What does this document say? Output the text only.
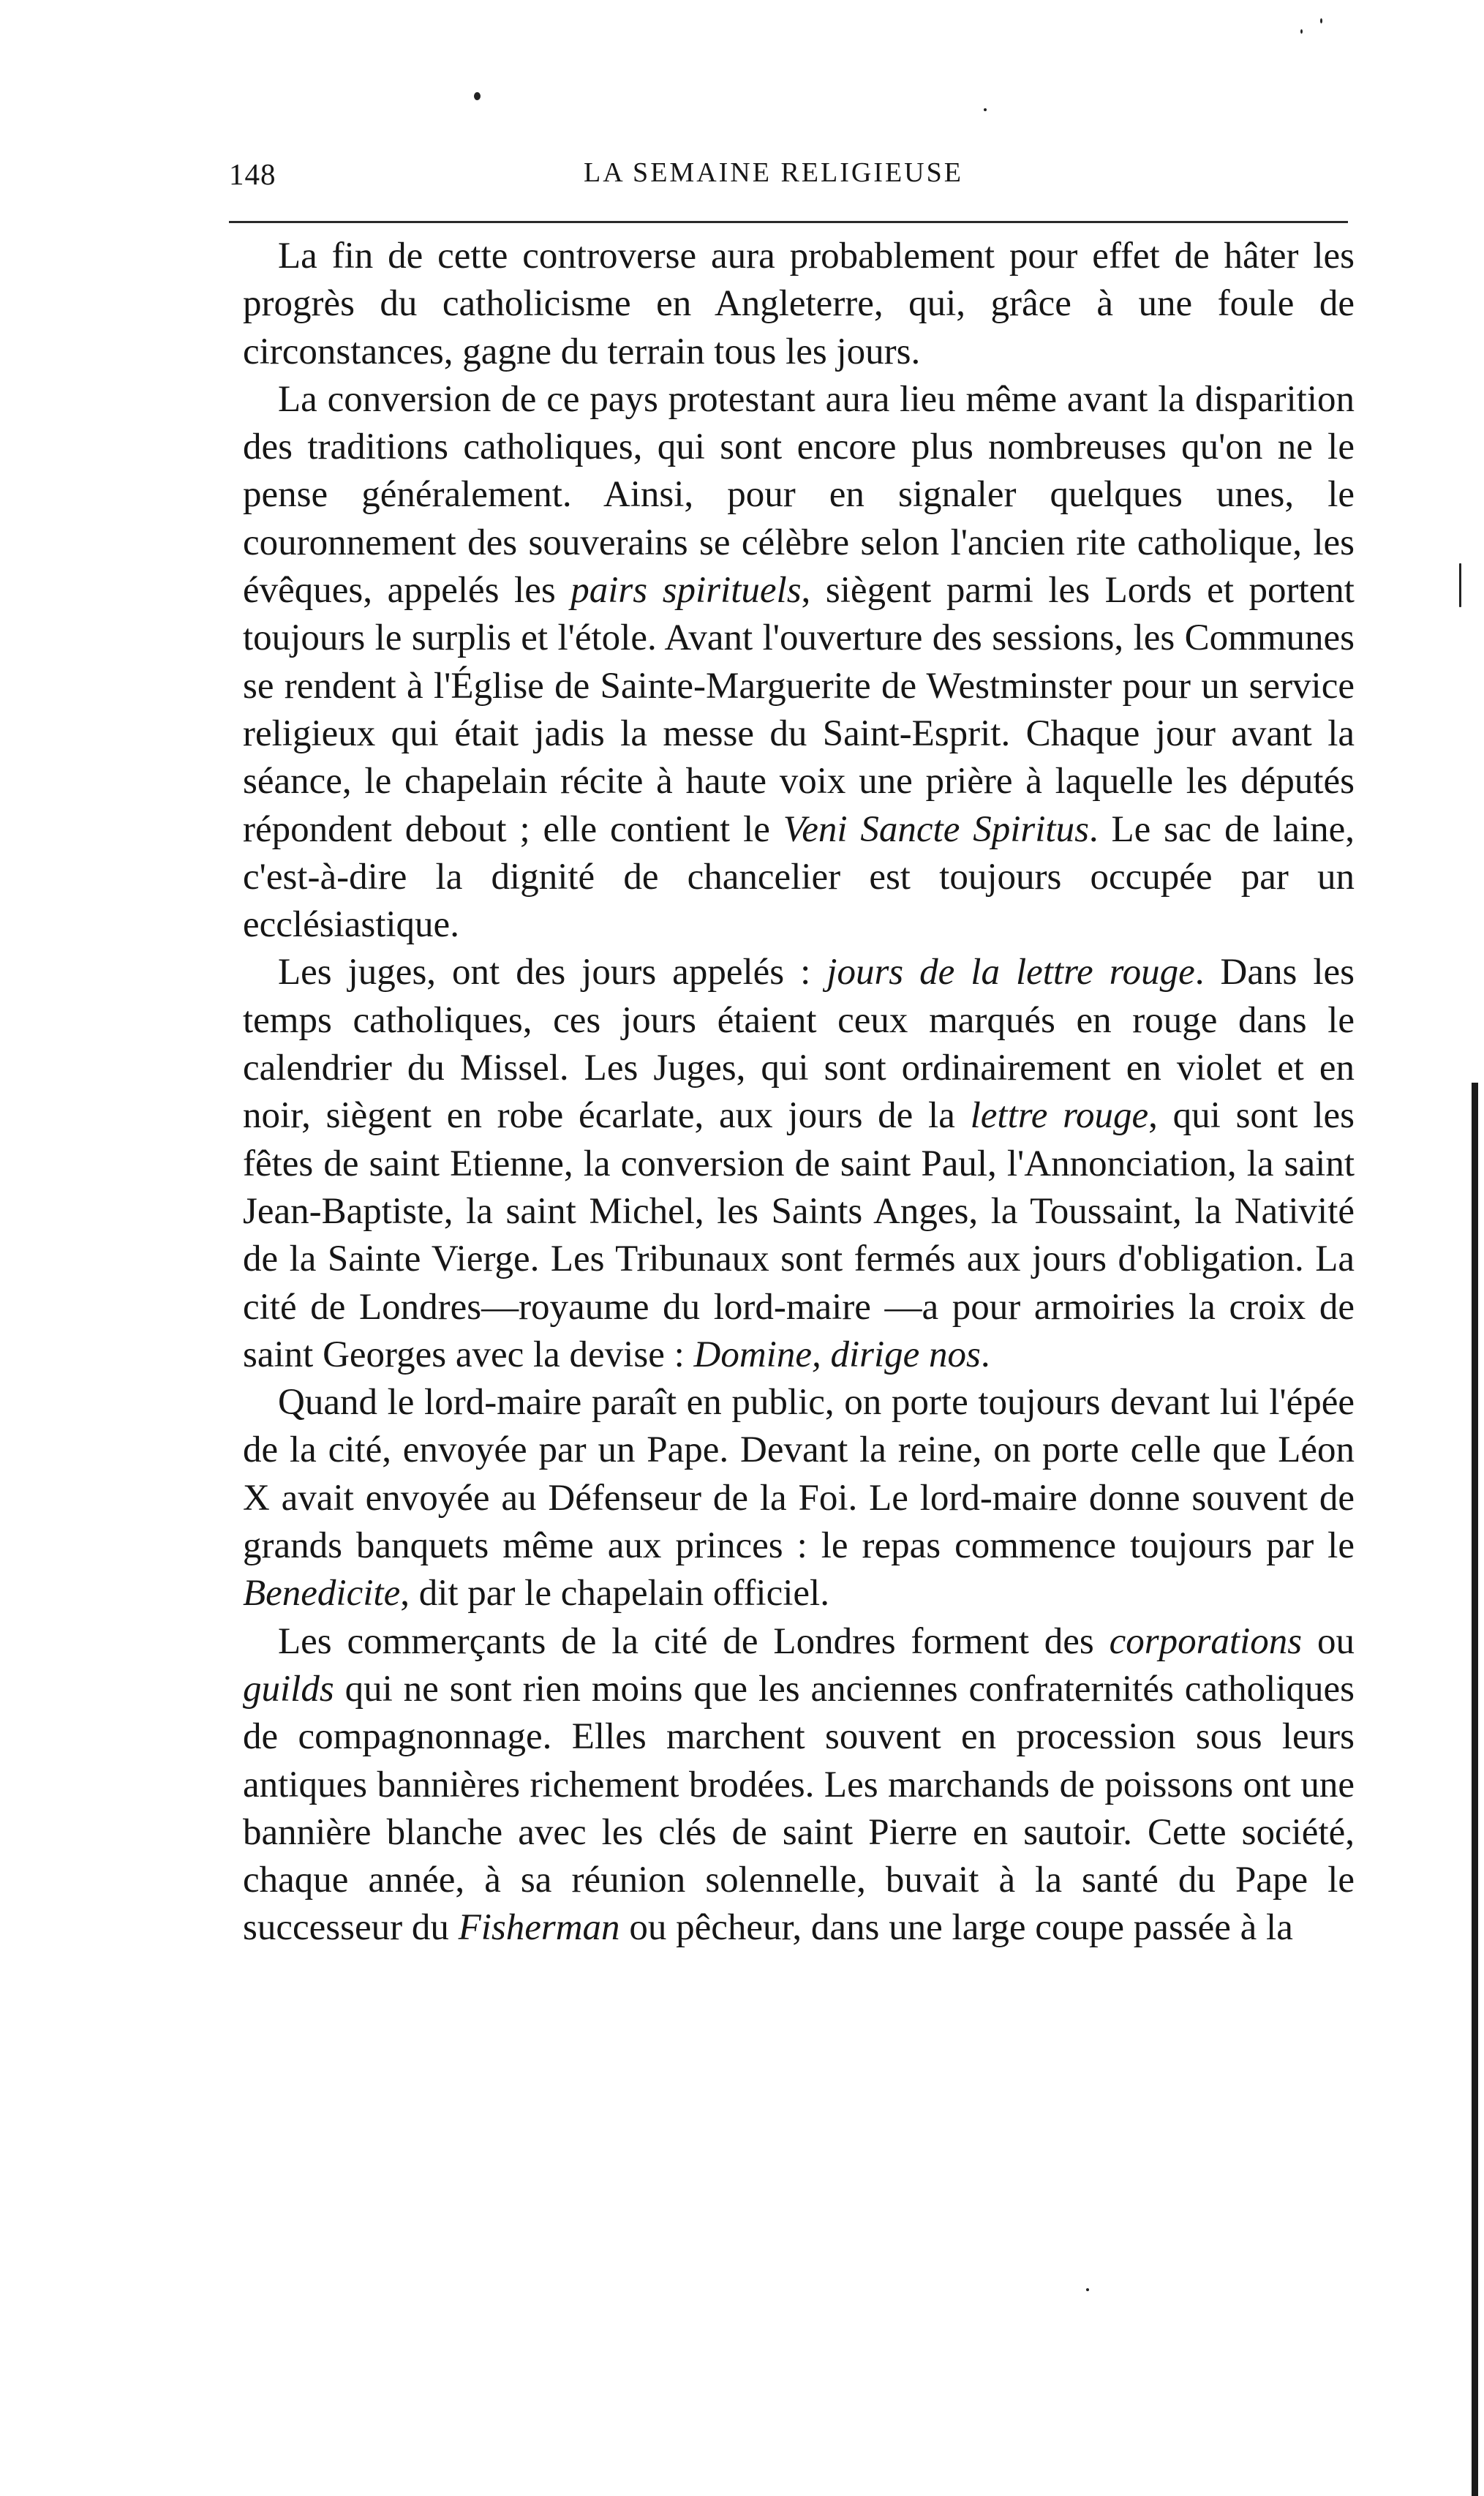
148	LA SEMAINE RELIGIEUSE

La fin de cette controverse aura probablement pour effet de hâter les progrès du catholicisme en Angleterre, qui, grâce à une foule de circonstances, gagne du terrain tous les jours.

La conversion de ce pays protestant aura lieu même avant la disparition des traditions catholiques, qui sont encore plus nombreuses qu'on ne le pense généralement. Ainsi, pour en signaler quelques unes, le couronnement des souverains se célèbre selon l'ancien rite catholique, les évêques, appelés les pairs spirituels, siègent parmi les Lords et portent toujours le surplis et l'étole. Avant l'ouverture des sessions, les Communes se rendent à l'Église de Sainte-Marguerite de Westminster pour un service religieux qui était jadis la messe du Saint-Esprit. Chaque jour avant la séance, le chapelain récite à haute voix une prière à laquelle les députés répondent debout ; elle contient le Veni Sancte Spiritus. Le sac de laine, c'est-à-dire la dignité de chancelier est toujours occupée par un ecclésiastique.

Les juges, ont des jours appelés : jours de la lettre rouge. Dans les temps catholiques, ces jours étaient ceux marqués en rouge dans le calendrier du Missel. Les Juges, qui sont ordinairement en violet et en noir, siègent en robe écarlate, aux jours de la lettre rouge, qui sont les fêtes de saint Etienne, la conversion de saint Paul, l'Annonciation, la saint Jean-Baptiste, la saint Michel, les Saints Anges, la Toussaint, la Nativité de la Sainte Vierge. Les Tribunaux sont fermés aux jours d'obligation. La cité de Londres—royaume du lord-maire —a pour armoiries la croix de saint Georges avec la devise : Domine, dirige nos.

Quand le lord-maire paraît en public, on porte toujours devant lui l'épée de la cité, envoyée par un Pape. Devant la reine, on porte celle que Léon X avait envoyée au Défenseur de la Foi. Le lord-maire donne souvent de grands banquets même aux princes : le repas commence toujours par le Benedicite, dit par le chapelain officiel.

Les commerçants de la cité de Londres forment des corporations ou guilds qui ne sont rien moins que les anciennes confraternités catholiques de compagnonnage. Elles marchent souvent en procession sous leurs antiques bannières richement brodées. Les marchands de poissons ont une bannière blanche avec les clés de saint Pierre en sautoir. Cette société, chaque année, à sa réunion solennelle, buvait à la santé du Pape le successeur du Fisherman ou pêcheur, dans une large coupe passée à la
